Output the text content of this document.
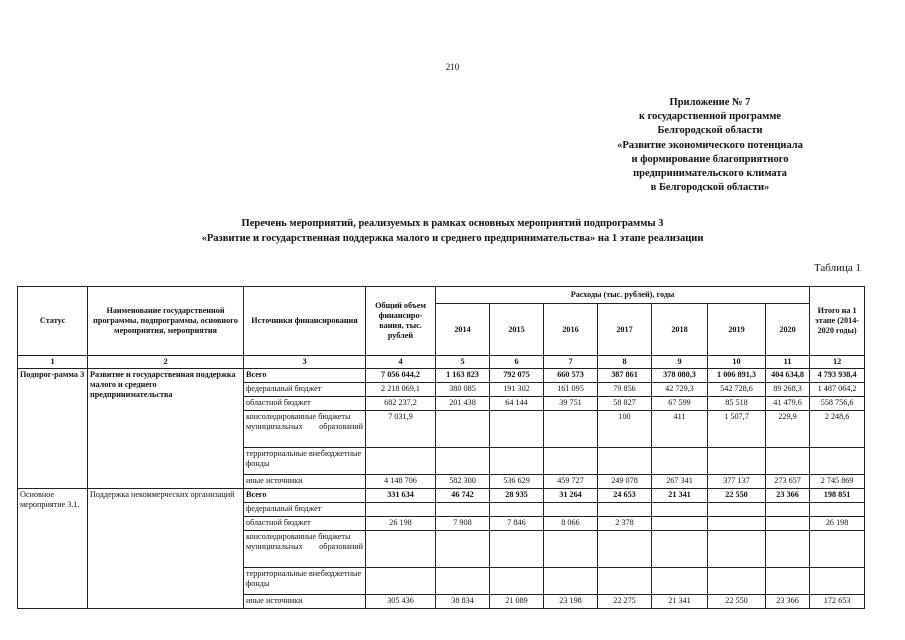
210
Приложение № 7
к государственной программе
Белгородской области
«Развитие экономического потенциала
и формирование благоприятного
предпринимательского климата
в Белгородской области»
Перечень мероприятий, реализуемых в рамках основных мероприятий подпрограммы 3
«Развитие и государственная поддержка малого и среднего предпринимательства» на 1 этапе реализации
Таблица 1
Статус	Наименование государственной программы, подпрограммы, основного мероприятия, мероприятия	Источники финансирования	Общий объем финансиро-вания, тыс. рублей	Расходы (тыс. рублей), годы							Итого на 1 этапе (2014-2020 годы)
				2014	2015	2016	2017	2018	2019	2020	
1	2	3	4	5	6	7	8	9	10	11	12
Подпрог-рамма 3	Развитие и государственная поддержка малого и среднего предпринимательства	Всего	7 056 044,2	1 163 823	792 075	660 573	387 861	378 080,3	1 006 891,3	404 634,8	4 793 938,4
		федеральный бюджет	2 218 069,1	380 085	191 302	161 095	79 856	42 729,3	542 728,6	89 268,3	1 487 064,2
		областной бюджет	682 237,2	201 438	64 144	39 751	58 827	67 599	85 518	41 479,6	558 756,6
		консолидированные бюджеты муниципальных образований	7 031,9				100	411	1 507,7	229,9	2 248,6
		территориальные внебюджетные фонды									
		иные источники	4 148 706	582 300	536 629	459 727	249 078	267 341	377 137	273 657	2 745 869
Основное мероприятие 3.1.	Поддержка некоммерческих организаций	Всего	331 634	46 742	28 935	31 264	24 653	21 341	22 550	23 366	198 851
		федеральный бюджет									
		областной бюджет	26 198	7 908	7 846	8 066	2 378				26 198
		консолидированные бюджеты муниципальных образований									
		территориальные внебюджетные фонды									
		иные источники	305 436	38 834	21 089	23 198	22 275	21 341	22 550	23 366	172 653
